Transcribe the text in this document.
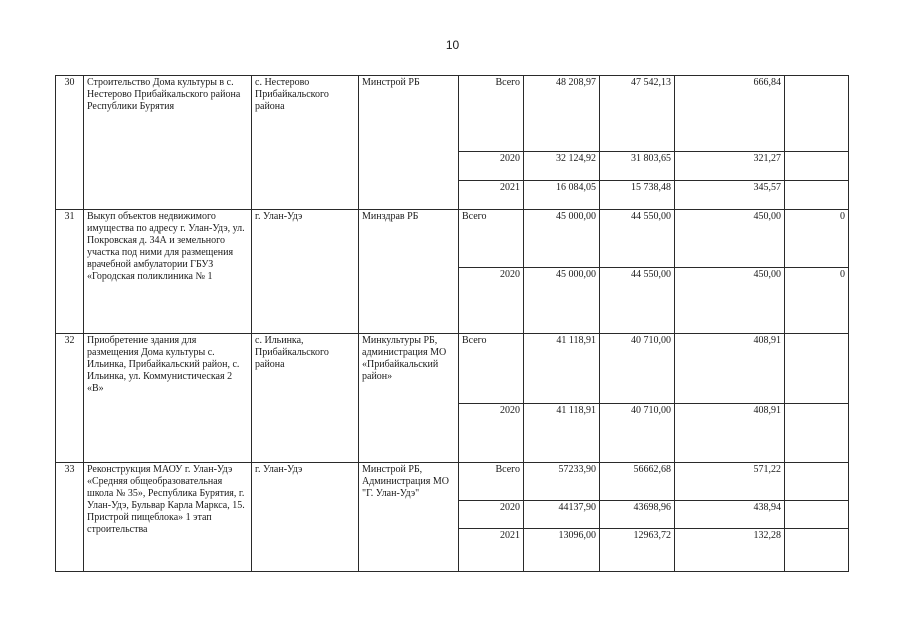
10
30	Строительство Дома культуры в с. Нестерово Прибайкальского района Республики Бурятия	с. Нестерово Прибайкальского района	Минстрой РБ	Всего	48 208,97	47 542,13	666,84	
				2020	32 124,92	31 803,65	321,27	
				2021	16 084,05	15 738,48	345,57	
31	Выкуп объектов недвижимого имущества по адресу г. Улан-Удэ, ул. Покровская д. 34А и земельного участка под ними для размещения врачебной амбулатории ГБУЗ «Городская поликлиника № 1	г. Улан-Удэ	Минздрав РБ	Всего	45 000,00	44 550,00	450,00	0
				2020	45 000,00	44 550,00	450,00	0
32	Приобретение здания для размещения Дома культуры с. Ильинка, Прибайкальский район, с. Ильинка, ул. Коммунистическая 2 «В»	с. Ильинка, Прибайкальского района	Минкультуры РБ, администрация МО «Прибайкальский район»	Всего	41 118,91	40 710,00	408,91	
				2020	41 118,91	40 710,00	408,91	
33	Реконструкция МАОУ г. Улан-Удэ «Средняя общеобразовательная школа № 35», Республика Бурятия, г. Улан-Удэ, Бульвар Карла Маркса, 15. Пристрой пищеблока» 1 этап строительства	г. Улан-Удэ	Минстрой РБ, Администрация МО "Г. Улан-Удэ"	Всего	57233,90	56662,68	571,22	
				2020	44137,90	43698,96	438,94	
				2021	13096,00	12963,72	132,28	
